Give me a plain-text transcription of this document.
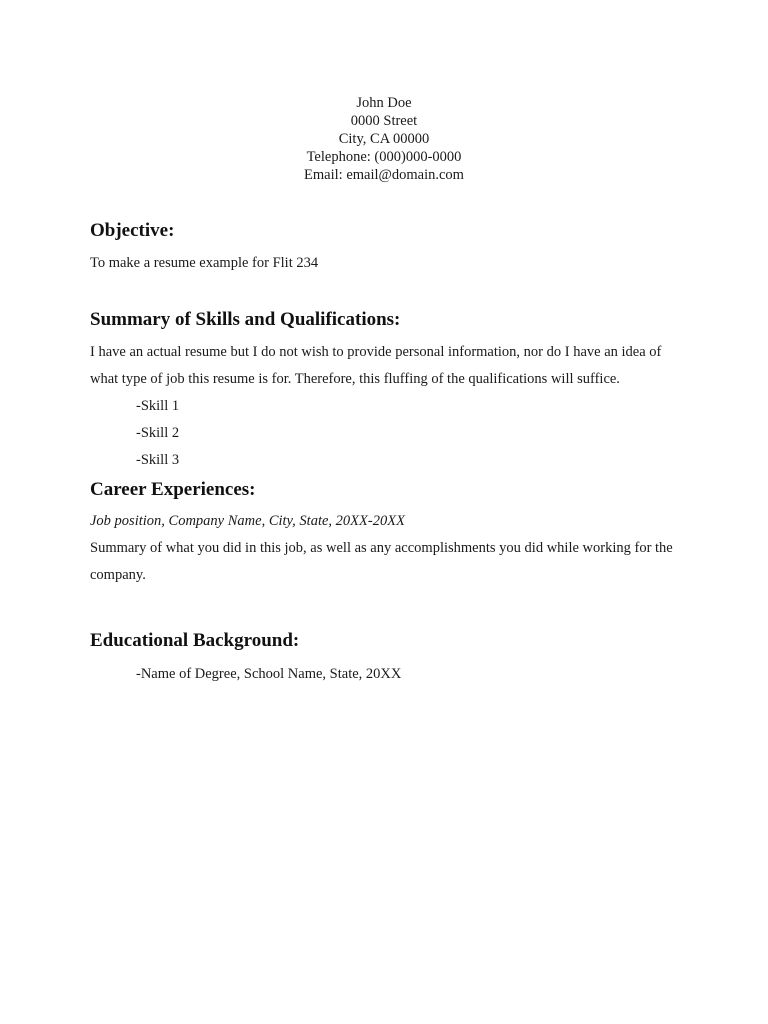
John Doe
0000 Street
City, CA 00000
Telephone: (000)000-0000
Email: email@domain.com
Objective:

To make a resume example for Flit 234

Summary of Skills and Qualifications:

I have an actual resume but I do not wish to provide personal information, nor do I have an idea of what type of job this resume is for. Therefore, this fluffing of the qualifications will suffice.

-Skill 1

-Skill 2

-Skill 3

Career Experiences:

Job position, Company Name, City, State, 20XX-20XX

Summary of what you did in this job, as well as any accomplishments you did while working for the company.

Educational Background:

-Name of Degree, School Name, State, 20XX
